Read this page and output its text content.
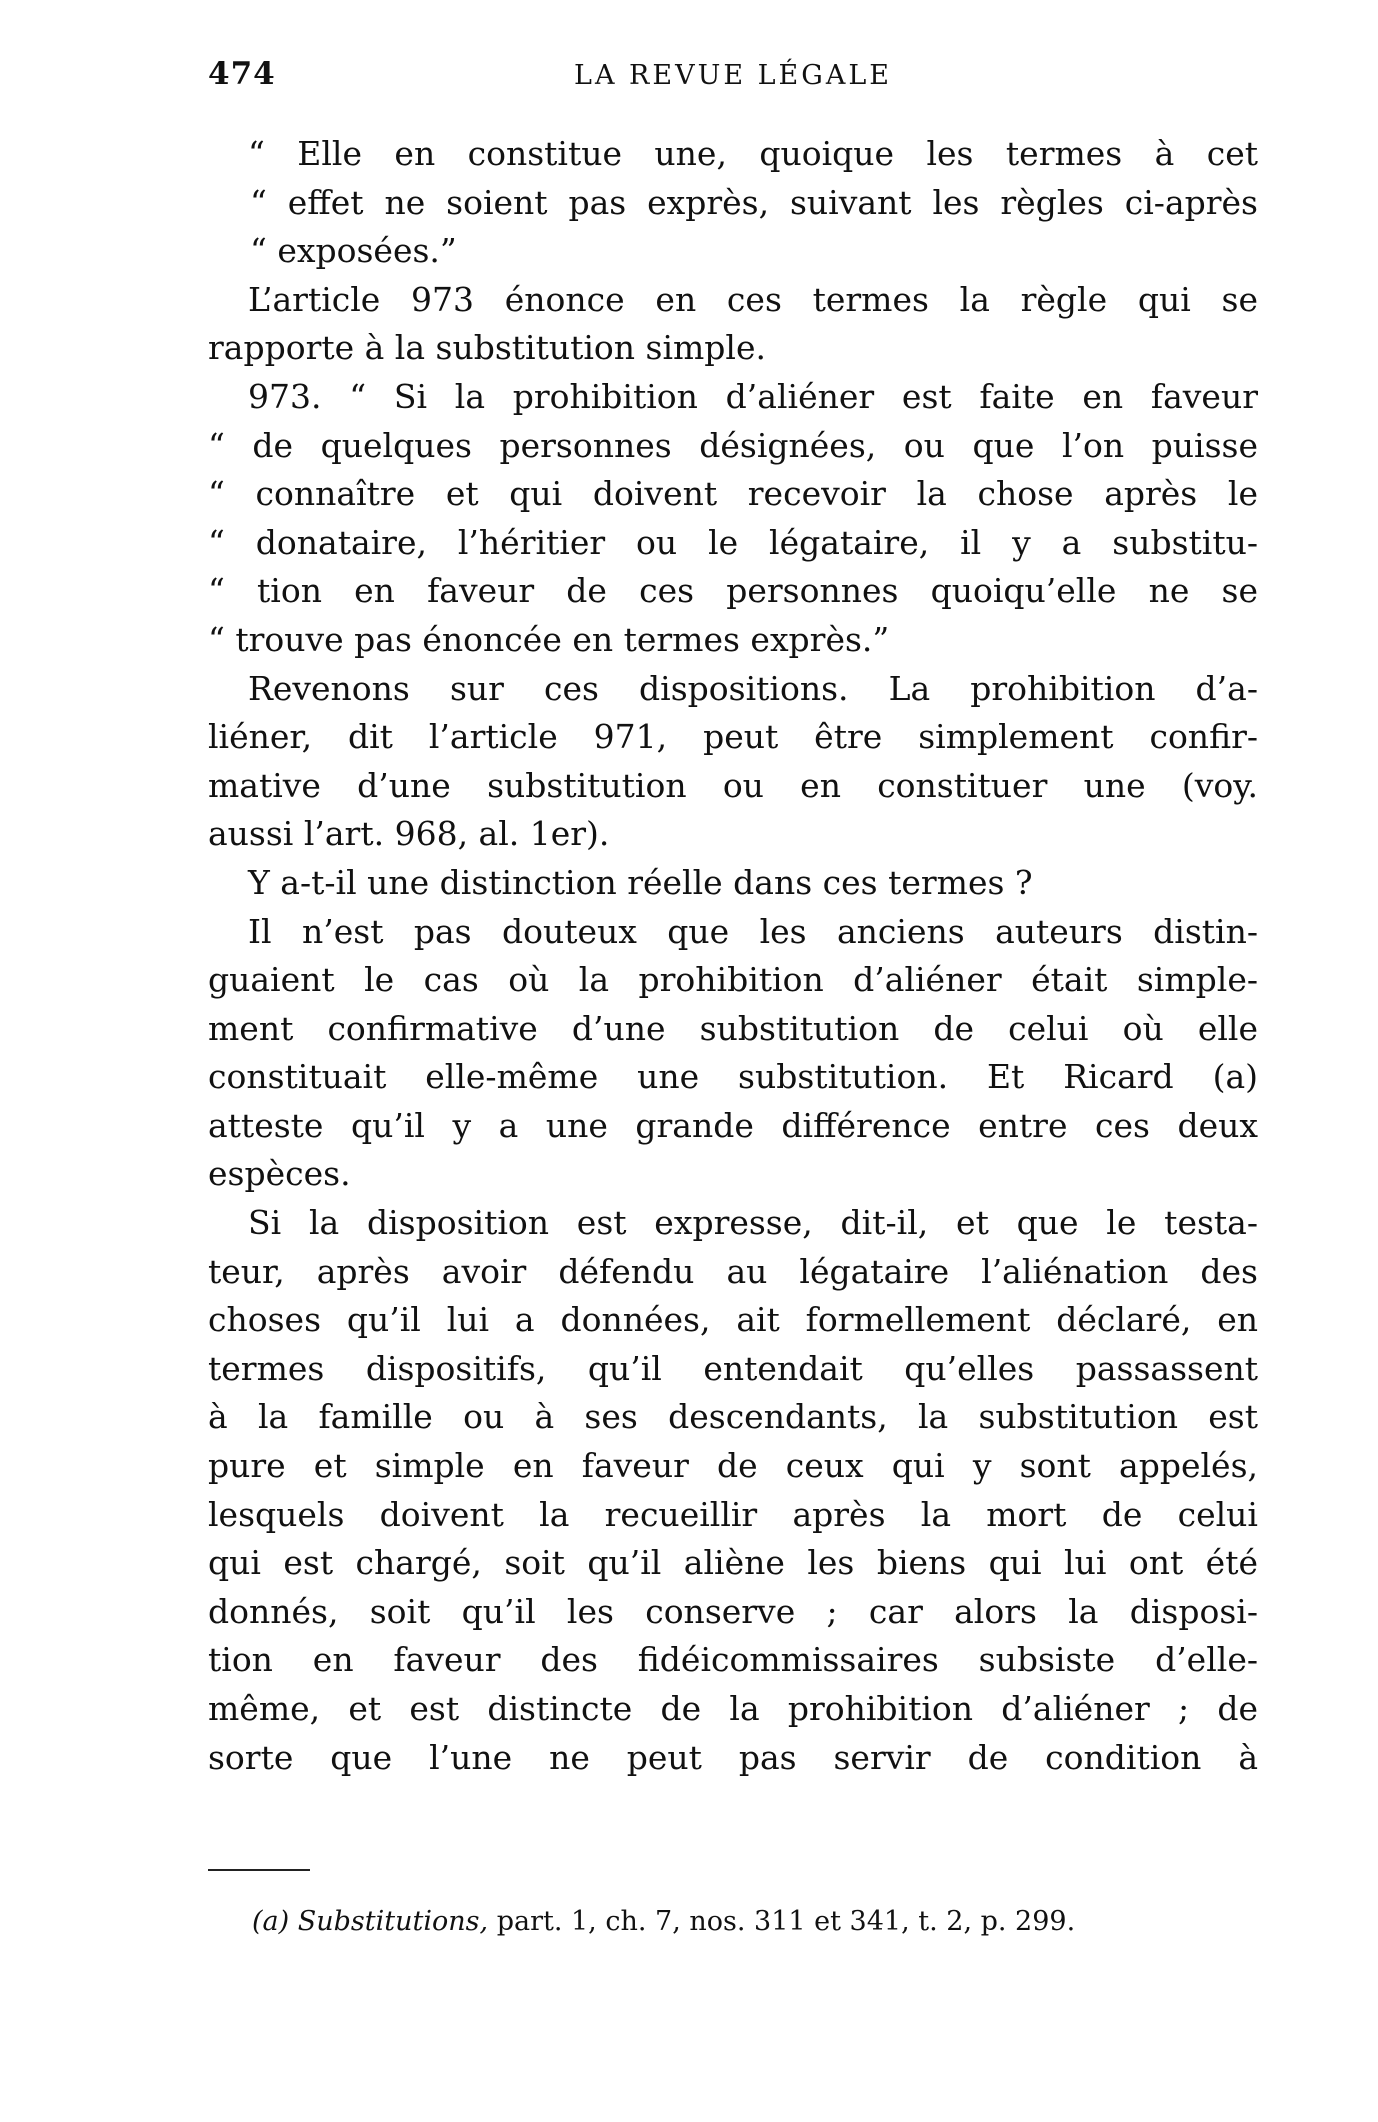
474	LA REVUE LÉGALE
“ Elle en constitue une, quoique les termes à cet
“ effet ne soient pas exprès, suivant les règles ci-après
“ exposées.”
L’article 973 énonce en ces termes la règle qui se
rapporte à la substitution simple.
973. “ Si la prohibition d’aliéner est faite en faveur
“ de quelques personnes désignées, ou que l’on puisse
“ connaître et qui doivent recevoir la chose après le
“ donataire, l’héritier ou le légataire, il y a substitu-
“ tion en faveur de ces personnes quoiqu’elle ne se
“ trouve pas énoncée en termes exprès.”
Revenons sur ces dispositions. La prohibition d’a-
liéner, dit l’article 971, peut être simplement confir-
mative d’une substitution ou en constituer une (voy.
aussi l’art. 968, al. 1er).
Y a-t-il une distinction réelle dans ces termes ?
Il n’est pas douteux que les anciens auteurs distin-
guaient le cas où la prohibition d’aliéner était simple-
ment confirmative d’une substitution de celui où elle
constituait elle-même une substitution. Et Ricard (a)
atteste qu’il y a une grande différence entre ces deux
espèces.
Si la disposition est expresse, dit-il, et que le testa-
teur, après avoir défendu au légataire l’aliénation des
choses qu’il lui a données, ait formellement déclaré, en
termes dispositifs, qu’il entendait qu’elles passassent
à la famille ou à ses descendants, la substitution est
pure et simple en faveur de ceux qui y sont appelés,
lesquels doivent la recueillir après la mort de celui
qui est chargé, soit qu’il aliène les biens qui lui ont été
donnés, soit qu’il les conserve ; car alors la disposi-
tion en faveur des fidéicommissaires subsiste d’elle-
même, et est distincte de la prohibition d’aliéner ; de
sorte que l’une ne peut pas servir de condition à
(a) Substitutions, part. 1, ch. 7, nos. 311 et 341, t. 2, p. 299.
